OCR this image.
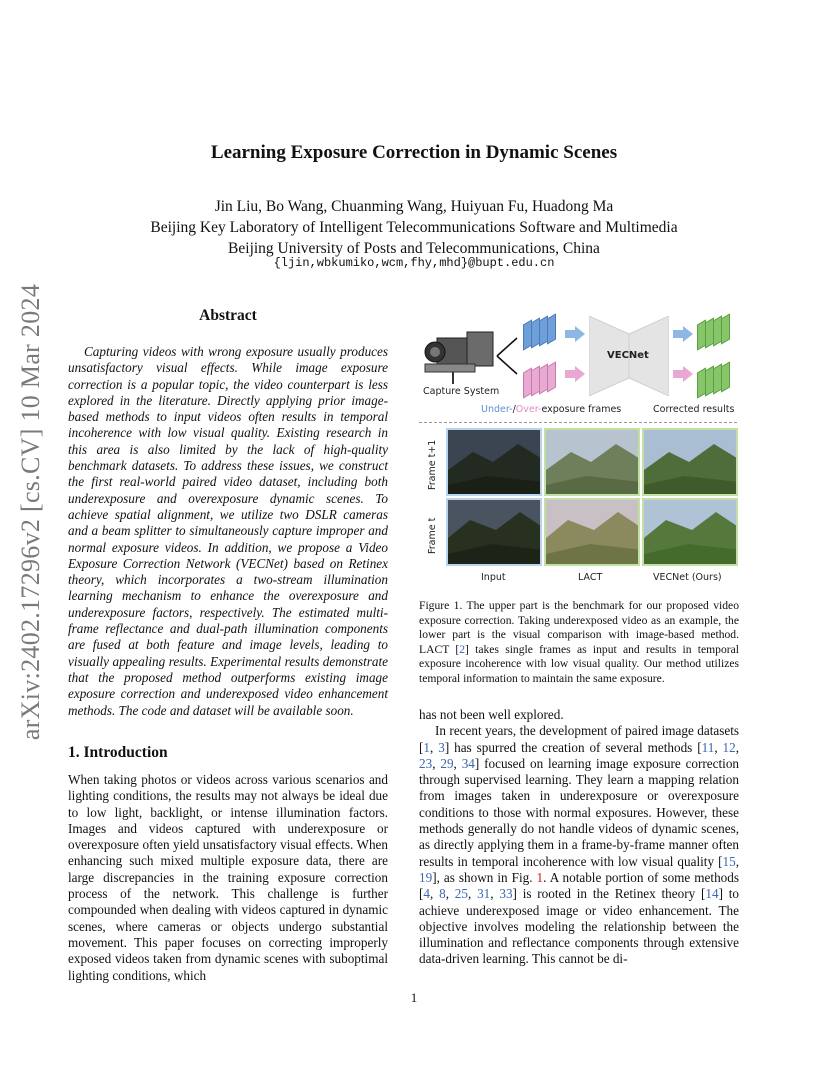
arXiv:2402.17296v2 [cs.CV] 10 Mar 2024
Learning Exposure Correction in Dynamic Scenes
Jin Liu, Bo Wang, Chuanming Wang, Huiyuan Fu, Huadong Ma
Beijing Key Laboratory of Intelligent Telecommunications Software and Multimedia
Beijing University of Posts and Telecommunications, China
{ljin,wbkumiko,wcm,fhy,mhd}@bupt.edu.cn
Abstract
Capturing videos with wrong exposure usually produces unsatisfactory visual effects. While image exposure correction is a popular topic, the video counterpart is less explored in the literature. Directly applying prior image-based methods to input videos often results in temporal incoherence with low visual quality. Existing research in this area is also limited by the lack of high-quality benchmark datasets. To address these issues, we construct the first real-world paired video dataset, including both underexposure and overexposure dynamic scenes. To achieve spatial alignment, we utilize two DSLR cameras and a beam splitter to simultaneously capture improper and normal exposure videos. In addition, we propose a Video Exposure Correction Network (VECNet) based on Retinex theory, which incorporates a two-stream illumination learning mechanism to enhance the overexposure and underexposure factors, respectively. The estimated multi-frame reflectance and dual-path illumination components are fused at both feature and image levels, leading to visually appealing results. Experimental results demonstrate that the proposed method outperforms existing image exposure correction and underexposed video enhancement methods. The code and dataset will be available soon.
1. Introduction
When taking photos or videos across various scenarios and lighting conditions, the results may not always be ideal due to low light, backlight, or intense illumination factors. Images and videos captured with underexposure or overexposure often yield unsatisfactory visual effects. When enhancing such mixed multiple exposure data, there are large discrepancies in the training exposure correction process of the network. This challenge is further compounded when dealing with videos captured in dynamic scenes, where cameras or objects undergo substantial movement. This paper focuses on correcting improperly exposed videos taken from dynamic scenes with suboptimal lighting conditions, which
Capture System
VECNet
Under-/Over-exposure frames	Corrected results
Frame t+1
Frame t
Input	LACT	VECNet (Ours)
Figure 1. The upper part is the benchmark for our proposed video exposure correction. Taking underexposed video as an example, the lower part is the visual comparison with image-based method. LACT [2] takes single frames as input and results in temporal exposure incoherence with low visual quality. Our method utilizes temporal information to maintain the same exposure.

has not been well explored.

In recent years, the development of paired image datasets [1, 3] has spurred the creation of several methods [11, 12, 23, 29, 34] focused on learning image exposure correction through supervised learning. They learn a mapping relation from images taken in underexposure or overexposure conditions to those with normal exposures. However, these methods generally do not handle videos of dynamic scenes, as directly applying them in a frame-by-frame manner often results in temporal incoherence with low visual quality [15, 19], as shown in Fig. 1. A notable portion of some methods [4, 8, 25, 31, 33] is rooted in the Retinex theory [14] to achieve underexposed image or video enhancement. The objective involves modeling the relationship between the illumination and reflectance components through extensive data-driven learning. This cannot be di-

1
